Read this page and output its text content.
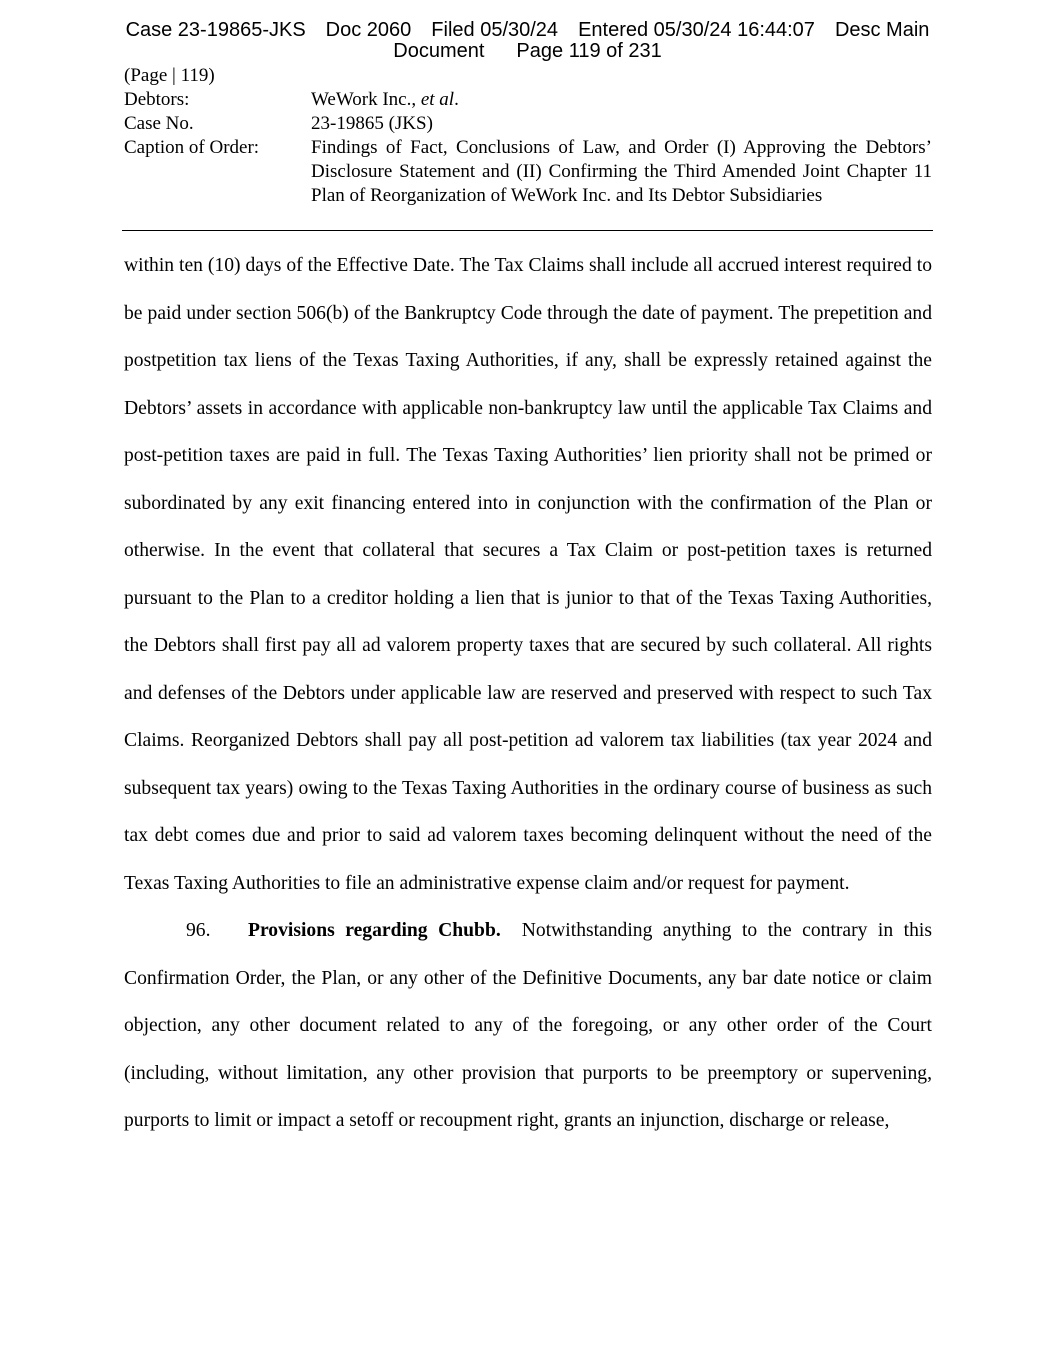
Case 23-19865-JKS Doc 2060 Filed 05/30/24 Entered 05/30/24 16:44:07 Desc Main
Document Page 119 of 231
(Page | 119)
Debtors:	WeWork Inc., et al.
Case No.	23-19865 (JKS)
Caption of Order:	Findings of Fact, Conclusions of Law, and Order (I) Approving the Debtors’ Disclosure Statement and (II) Confirming the Third Amended Joint Chapter 11 Plan of Reorganization of WeWork Inc. and Its Debtor Subsidiaries

within ten (10) days of the Effective Date. The Tax Claims shall include all accrued interest required to be paid under section 506(b) of the Bankruptcy Code through the date of payment. The prepetition and postpetition tax liens of the Texas Taxing Authorities, if any, shall be expressly retained against the Debtors’ assets in accordance with applicable non-bankruptcy law until the applicable Tax Claims and post-petition taxes are paid in full. The Texas Taxing Authorities’ lien priority shall not be primed or subordinated by any exit financing entered into in conjunction with the confirmation of the Plan or otherwise. In the event that collateral that secures a Tax Claim or post-petition taxes is returned pursuant to the Plan to a creditor holding a lien that is junior to that of the Texas Taxing Authorities, the Debtors shall first pay all ad valorem property taxes that are secured by such collateral. All rights and defenses of the Debtors under applicable law are reserved and preserved with respect to such Tax Claims. Reorganized Debtors shall pay all post-petition ad valorem tax liabilities (tax year 2024 and subsequent tax years) owing to the Texas Taxing Authorities in the ordinary course of business as such tax debt comes due and prior to said ad valorem taxes becoming delinquent without the need of the Texas Taxing Authorities to file an administrative expense claim and/or request for payment.

96. Provisions regarding Chubb. Notwithstanding anything to the contrary in this Confirmation Order, the Plan, or any other of the Definitive Documents, any bar date notice or claim objection, any other document related to any of the foregoing, or any other order of the Court (including, without limitation, any other provision that purports to be preemptory or supervening, purports to limit or impact a setoff or recoupment right, grants an injunction, discharge or release,
